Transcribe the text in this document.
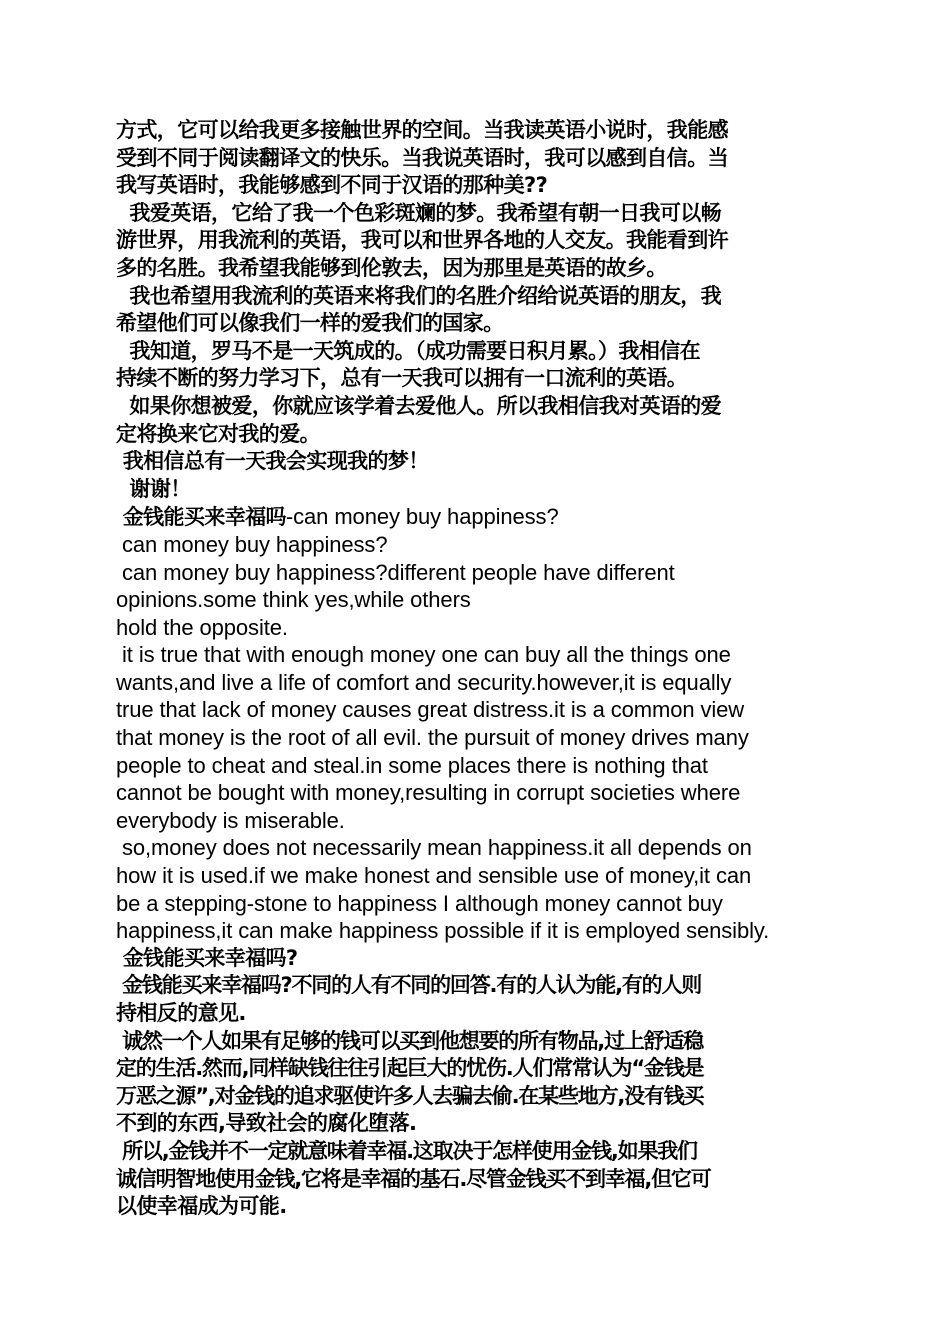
方式，它可以给我更多接触世界的空间。当我读英语小说时，我能感
受到不同于阅读翻译文的快乐。当我说英语时，我可以感到自信。当
我写英语时，我能够感到不同于汉语的那种美??
我爱英语，它给了我一个色彩斑斓的梦。我希望有朝一日我可以畅
游世界，用我流利的英语，我可以和世界各地的人交友。我能看到许
多的名胜。我希望我能够到伦敦去，因为那里是英语的故乡。
我也希望用我流利的英语来将我们的名胜介绍给说英语的朋友，我
希望他们可以像我们一样的爱我们的国家。
我知道，罗马不是一天筑成的。（成功需要日积月累。）我相信在
持续不断的努力学习下，总有一天我可以拥有一口流利的英语。
如果你想被爱，你就应该学着去爱他人。所以我相信我对英语的爱
定将换来它对我的爱。
我相信总有一天我会实现我的梦！
谢谢！
金钱能买来幸福吗-can money buy happiness?
can money buy happiness?
can money buy happiness?different people have different
opinions.some think yes,while others
hold the opposite.
it is true that with enough money one can buy all the things one
wants,and live a life of comfort and security.however,it is equally
true that lack of money causes great distress.it is a common view
that money is the root of all evil. the pursuit of money drives many
people to cheat and steal.in some places there is nothing that
cannot be bought with money,resulting in corrupt societies where
everybody is miserable.
so,money does not necessarily mean happiness.it all depends on
how it is used.if we make honest and sensible use of money,it can
be a stepping-stone to happiness I although money cannot buy
happiness,it can make happiness possible if it is employed sensibly.
金钱能买来幸福吗?
金钱能买来幸福吗?不同的人有不同的回答.有的人认为能,有的人则
持相反的意见.
诚然一个人如果有足够的钱可以买到他想要的所有物品,过上舒适稳
定的生活.然而,同样缺钱往往引起巨大的忧伤.人们常常认为“金钱是
万恶之源”,对金钱的追求驱使许多人去骗去偷.在某些地方,没有钱买
不到的东西,导致社会的腐化堕落.
所以,金钱并不一定就意味着幸福.这取决于怎样使用金钱,如果我们
诚信明智地使用金钱,它将是幸福的基石.尽管金钱买不到幸福,但它可
以使幸福成为可能.
